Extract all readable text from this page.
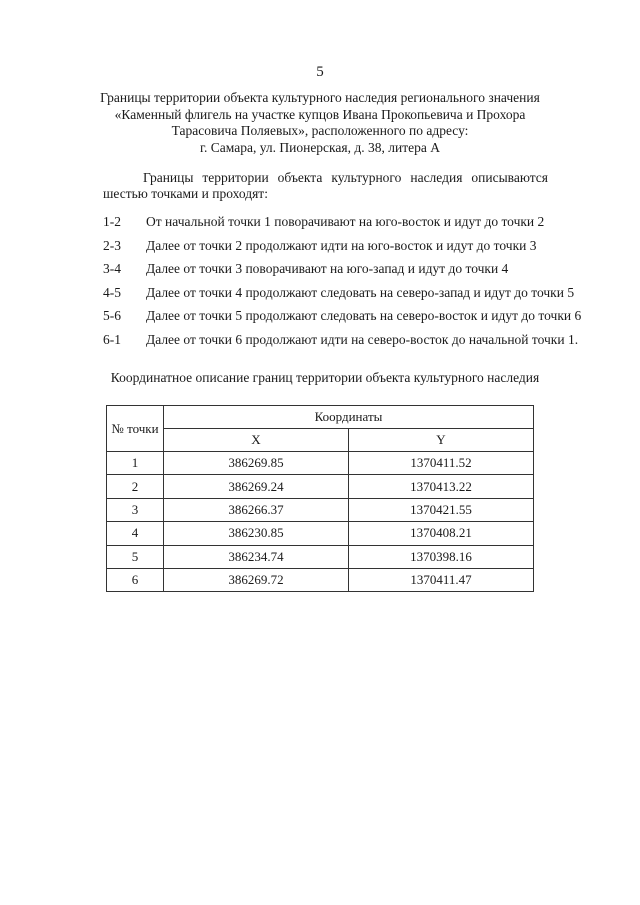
5
Границы территории объекта культурного наследия регионального значения
«Каменный флигель на участке купцов Ивана Прокопьевича и Прохора
Тарасовича Поляевых», расположенного по адресу:
г. Самара, ул. Пионерская, д. 38, литера А
Границы территории объекта культурного наследия описываются
шестью точками и проходят:
1-2 От начальной точки 1 поворачивают на юго-восток и идут до точки 2
2-3 Далее от точки 2 продолжают идти на юго-восток и идут до точки 3
3-4 Далее от точки 3 поворачивают на юго-запад и идут до точки 4
4-5 Далее от точки 4 продолжают следовать на северо-запад и идут до точки 5
5-6 Далее от точки 5 продолжают следовать на северо-восток и идут до точки 6
6-1 Далее от точки 6 продолжают идти на северо-восток до начальной точки 1.
Координатное описание границ территории объекта культурного наследия
№ точки	Координаты	
	X	Y
1	386269.85	1370411.52
2	386269.24	1370413.22
3	386266.37	1370421.55
4	386230.85	1370408.21
5	386234.74	1370398.16
6	386269.72	1370411.47
